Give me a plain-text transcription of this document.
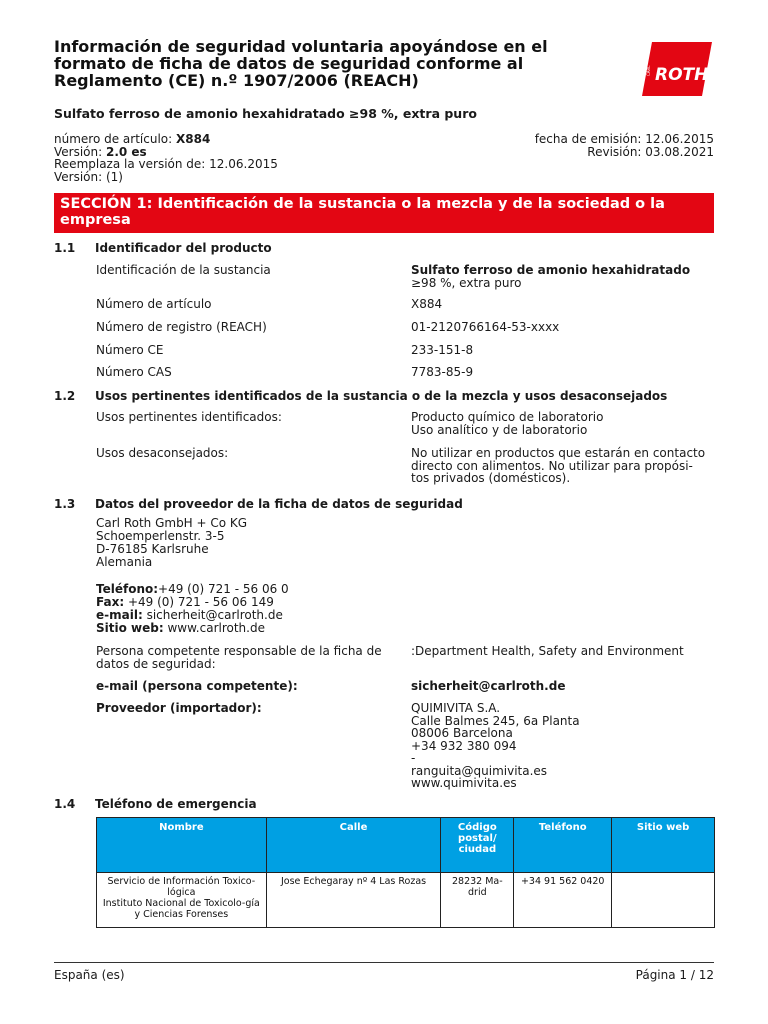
Información de seguridad voluntaria apoyándose en el formato de ficha de datos de seguridad conforme al Reglamento (CE) n.º 1907/2006 (REACH)
CARL ROTH
Sulfato ferroso de amonio hexahidratado ≥98 %, extra puro
número de artículo: X884
Versión: 2.0 es
Reemplaza la versión de: 12.06.2015
Versión: (1)
fecha de emisión: 12.06.2015
Revisión: 03.08.2021
SECCIÓN 1: Identificación de la sustancia o la mezcla y de la sociedad o la empresa
1.1 Identificador del producto
Identificación de la sustancia	Sulfato ferroso de amonio hexahidratado ≥98 %, extra puro
Número de artículo	X884
Número de registro (REACH)	01-2120766164-53-xxxx
Número CE	233-151-8
Número CAS	7783-85-9
1.2 Usos pertinentes identificados de la sustancia o de la mezcla y usos desaconsejados
Usos pertinentes identificados:	Producto químico de laboratorio
Uso analítico y de laboratorio
Usos desaconsejados:	No utilizar en productos que estarán en contacto directo con alimentos. No utilizar para propósi-tos privados (domésticos).
1.3 Datos del proveedor de la ficha de datos de seguridad
Carl Roth GmbH + Co KG
Schoemperlenstr. 3-5
D-76185 Karlsruhe
Alemania
Teléfono:+49 (0) 721 - 56 06 0
Fax: +49 (0) 721 - 56 06 149
e-mail: sicherheit@carlroth.de
Sitio web: www.carlroth.de
Persona competente responsable de la ficha de datos de seguridad:
:Department Health, Safety and Environment
e-mail (persona competente):	sicherheit@carlroth.de
Proveedor (importador):	QUIMIVITA S.A.
Calle Balmes 245, 6a Planta
08006 Barcelona
+34 932 380 094
-
ranguita@quimivita.es
www.quimivita.es
1.4 Teléfono de emergencia
Nombre	Calle	Código postal/ ciudad	Teléfono	Sitio web

Servicio de Información Toxico-lógica
Instituto Nacional de Toxicolo-gía y Ciencias Forenses	Jose Echegaray nº 4 Las Rozas	28232 Ma-drid	+34 91 562 0420	
España (es)	Página 1 / 12
